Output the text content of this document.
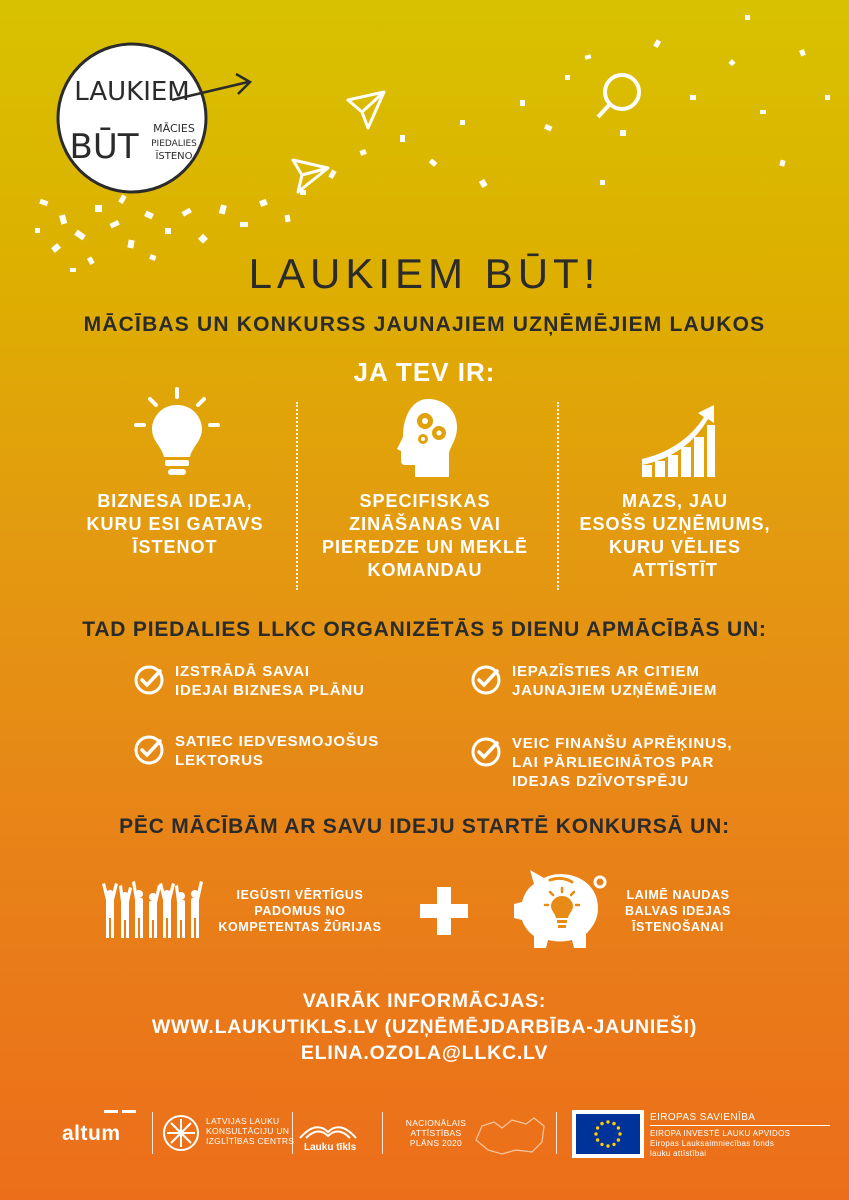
LAUKIEM
BŪT MĀCIES
PIEDALIES
ĪSTENO
LAUKIEM BŪT!
MĀCĪBAS UN KONKURSS JAUNAJIEM UZŅĒMĒJIEM LAUKOS
JA TEV IR:
BIZNESA IDEJA,
KURU ESI GATAVS
ĪSTENOT
SPECIFISKAS
ZINĀŠANAS VAI
PIEREDZE UN MEKLĒ
KOMANDAU
MAZS, JAU
ESOŠS UZŅĒMUMS,
KURU VĒLIES
ATTĪSTĪT
TAD PIEDALIES LLKC ORGANIZĒTĀS 5 DIENU APMĀCĪBĀS UN:
IZSTRĀDĀ SAVAI
IDEJAI BIZNESA PLĀNU
IEPAZĪSTIES AR CITIEM
JAUNAJIEM UZŅĒMĒJIEM
SATIEC IEDVESMOJOŠUS
LEKTORUS
VEIC FINANŠU APRĒĶINUS,
LAI PĀRLIECINĀTOS PAR
IDEJAS DZĪVOTSPĒJU
PĒC MĀCĪBĀM AR SAVU IDEJU STARTĒ KONKURSĀ UN:
IEGŪSTI VĒRTĪGUS
PADOMUS NO
KOMPETENTAS ŽŪRIJAS
LAIMĒ NAUDAS
BALVAS IDEJAS
ĪSTENOŠANAI
VAIRĀK INFORMĀCJAS:
WWW.LAUKUTIKLS.LV (UZŅĒMĒJDARBĪBA-JAUNIEŠI)
ELINA.OZOLA@LLKC.LV
altum
LATVIJAS LAUKU
KONSULTĀCIJU UN
IZGLĪTĪBAS CENTRS
Lauku tīkls
NACIONĀLAIS
ATTĪSTĪBAS
PLĀNS 2020
EIROPAS SAVIENĪBA
EIROPA INVESTĒ LAUKU APVIDOS
Eiropas Lauksaimniecības fonds
lauku attīstībai
